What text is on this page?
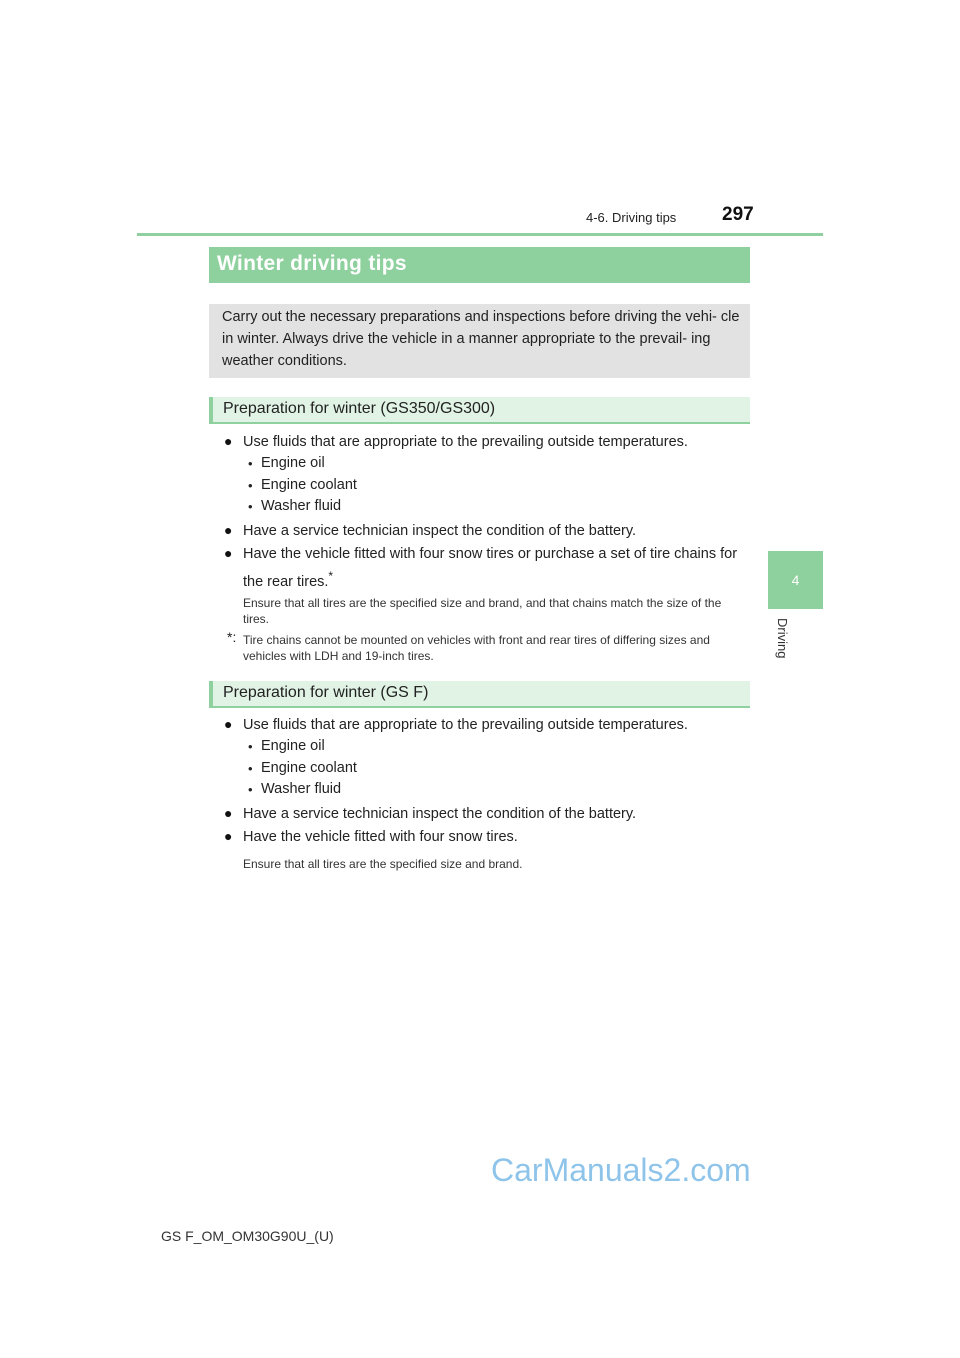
4-6. Driving tips 297
4
Driving
Winter driving tips
Carry out the necessary preparations and inspections before driving the vehi- cle in winter. Always drive the vehicle in a manner appropriate to the prevail- ing weather conditions.
Preparation for winter (GS350/GS300)
● Use fluids that are appropriate to the prevailing outside temperatures.
• Engine oil
• Engine coolant
• Washer fluid
● Have a service technician inspect the condition of the battery.
● Have the vehicle fitted with four snow tires or purchase a set of tire chains for
the rear tires.*
Ensure that all tires are the specified size and brand, and that chains match the size of the tires.
*: Tire chains cannot be mounted on vehicles with front and rear tires of differing sizes and vehicles with LDH and 19-inch tires.
Preparation for winter (GS F)
● Use fluids that are appropriate to the prevailing outside temperatures.
• Engine oil
• Engine coolant
• Washer fluid
● Have a service technician inspect the condition of the battery.
● Have the vehicle fitted with four snow tires.
Ensure that all tires are the specified size and brand.
CarManuals2.com
GS F_OM_OM30G90U_(U)
